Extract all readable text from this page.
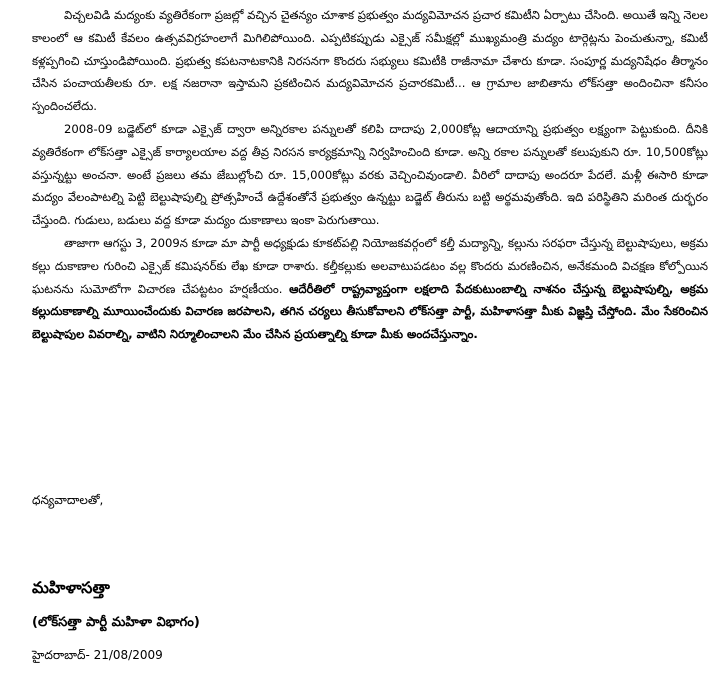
విచ్చలవిడి మద్యంకు వ్యతిరేకంగా ప్రజల్లో వచ్చిన చైతన్యం చూశాక ప్రభుత్వం మద్యవిమోచన ప్రచార కమిటీని ఏర్పాటు చేసింది. అయితే ఇన్ని నెలల కాలంలో ఆ కమిటీ కేవలం ఉత్సవవిగ్రహంలాగే మిగిలిపోయింది. ఎప్పటికప్పుడు ఎక్సైజ్ సమీక్షల్లో ముఖ్యమంత్రి మద్యం టార్గెట్లను పెంచుతున్నా, కమిటీ కళ్లప్పగించి చూస్తుండిపోయింది. ప్రభుత్వ కపటనాటకానికి నిరసనగా కొందరు సభ్యులు కమిటీకి రాజీనామా చేశారు కూడా. సంపూర్ణ మద్యనిషేధం తీర్మానం చేసిన పంచాయతీలకు రూ. లక్ష నజరానా ఇస్తామని ప్రకటించిన మద్యవిమోచన ప్రచారకమిటీ... ఆ గ్రామాల జాబితాను లోక్‌సత్తా అందించినా కనీసం స్పందించలేదు.

2008-09 బడ్జెట్‌లో కూడా ఎక్సైజ్ ద్వారా అన్నిరకాల పన్నులతో కలిపి దాదాపు 2,000కోట్ల ఆదాయాన్ని ప్రభుత్వం లక్ష్యంగా పెట్టుకుంది. దీనికి వ్యతిరేకంగా లోక్‌సత్తా ఎక్సైజ్ కార్యాలయాల వద్ద తీవ్ర నిరసన కార్యక్రమాన్ని నిర్వహించింది కూడా. అన్ని రకాల పన్నులతో కలుపుకుని రూ. 10,500కోట్లు వస్తున్నట్టు అంచనా. అంటే ప్రజలు తమ జేబుల్లోంచి రూ. 15,000కోట్లు వరకు వెచ్చించివుండాలి. వీరిలో దాదాపు అందరూ పేదలే. మళ్లీ ఈసారి కూడా మద్యం వేలంపాటల్ని పెట్టి బెల్టుషాపుల్ని ప్రోత్సహించే ఉద్దేశంతోనే ప్రభుత్వం ఉన్నట్టు బడ్జెట్ తీరును బట్టి అర్థమవుతోంది. ఇది పరిస్థితిని మరింత దుర్భరం చేస్తుంది. గుడులు, బడులు వద్ద కూడా మద్యం దుకాణాలు ఇంకా పెరుగుతాయి.

తాజాగా ఆగస్టు 3, 2009న కూడా మా పార్టీ అధ్యక్షుడు కూకట్‌పల్లి నియోజకవర్గంలో కల్తీ మద్యాన్ని, కల్లును సరఫరా చేస్తున్న బెల్టుషాపులు, అక్రమ కల్లు దుకాణాల గురించి ఎక్సైజ్ కమిషనర్‌కు లేఖ కూడా రాశారు. కల్తీకల్లుకు అలవాటుపడటం వల్ల కొందరు మరణించిన, అనేకమంది విచక్షణ కోల్పోయిన ఘటనను సుమోటోగా విచారణ చేపట్టటం హర్షణీయం. ఆదేరీతిలో రాష్ట్రవ్యాప్తంగా లక్షలాది పేదకుటుంబాల్ని నాశనం చేస్తున్న బెల్టుషాపుల్ని, అక్రమ కల్లుదుకాణాల్ని మూయించేందుకు విచారణ జరపాలని, తగిన చర్యలు తీసుకోవాలని లోక్‌సత్తా పార్టీ, మహిళాసత్తా మీకు విజ్ఞప్తి చేస్తోంది. మేం సేకరించిన బెల్టుషాపుల వివరాల్ని, వాటిని నిర్మూలించాలని మేం చేసిన ప్రయత్నాల్ని కూడా మీకు అందచేస్తున్నాం.

ధన్యవాదాలతో,

మహిళాసత్తా

(లోక్‌సత్తా పార్టీ మహిళా విభాగం)

హైదరాబాద్- 21/08/2009
